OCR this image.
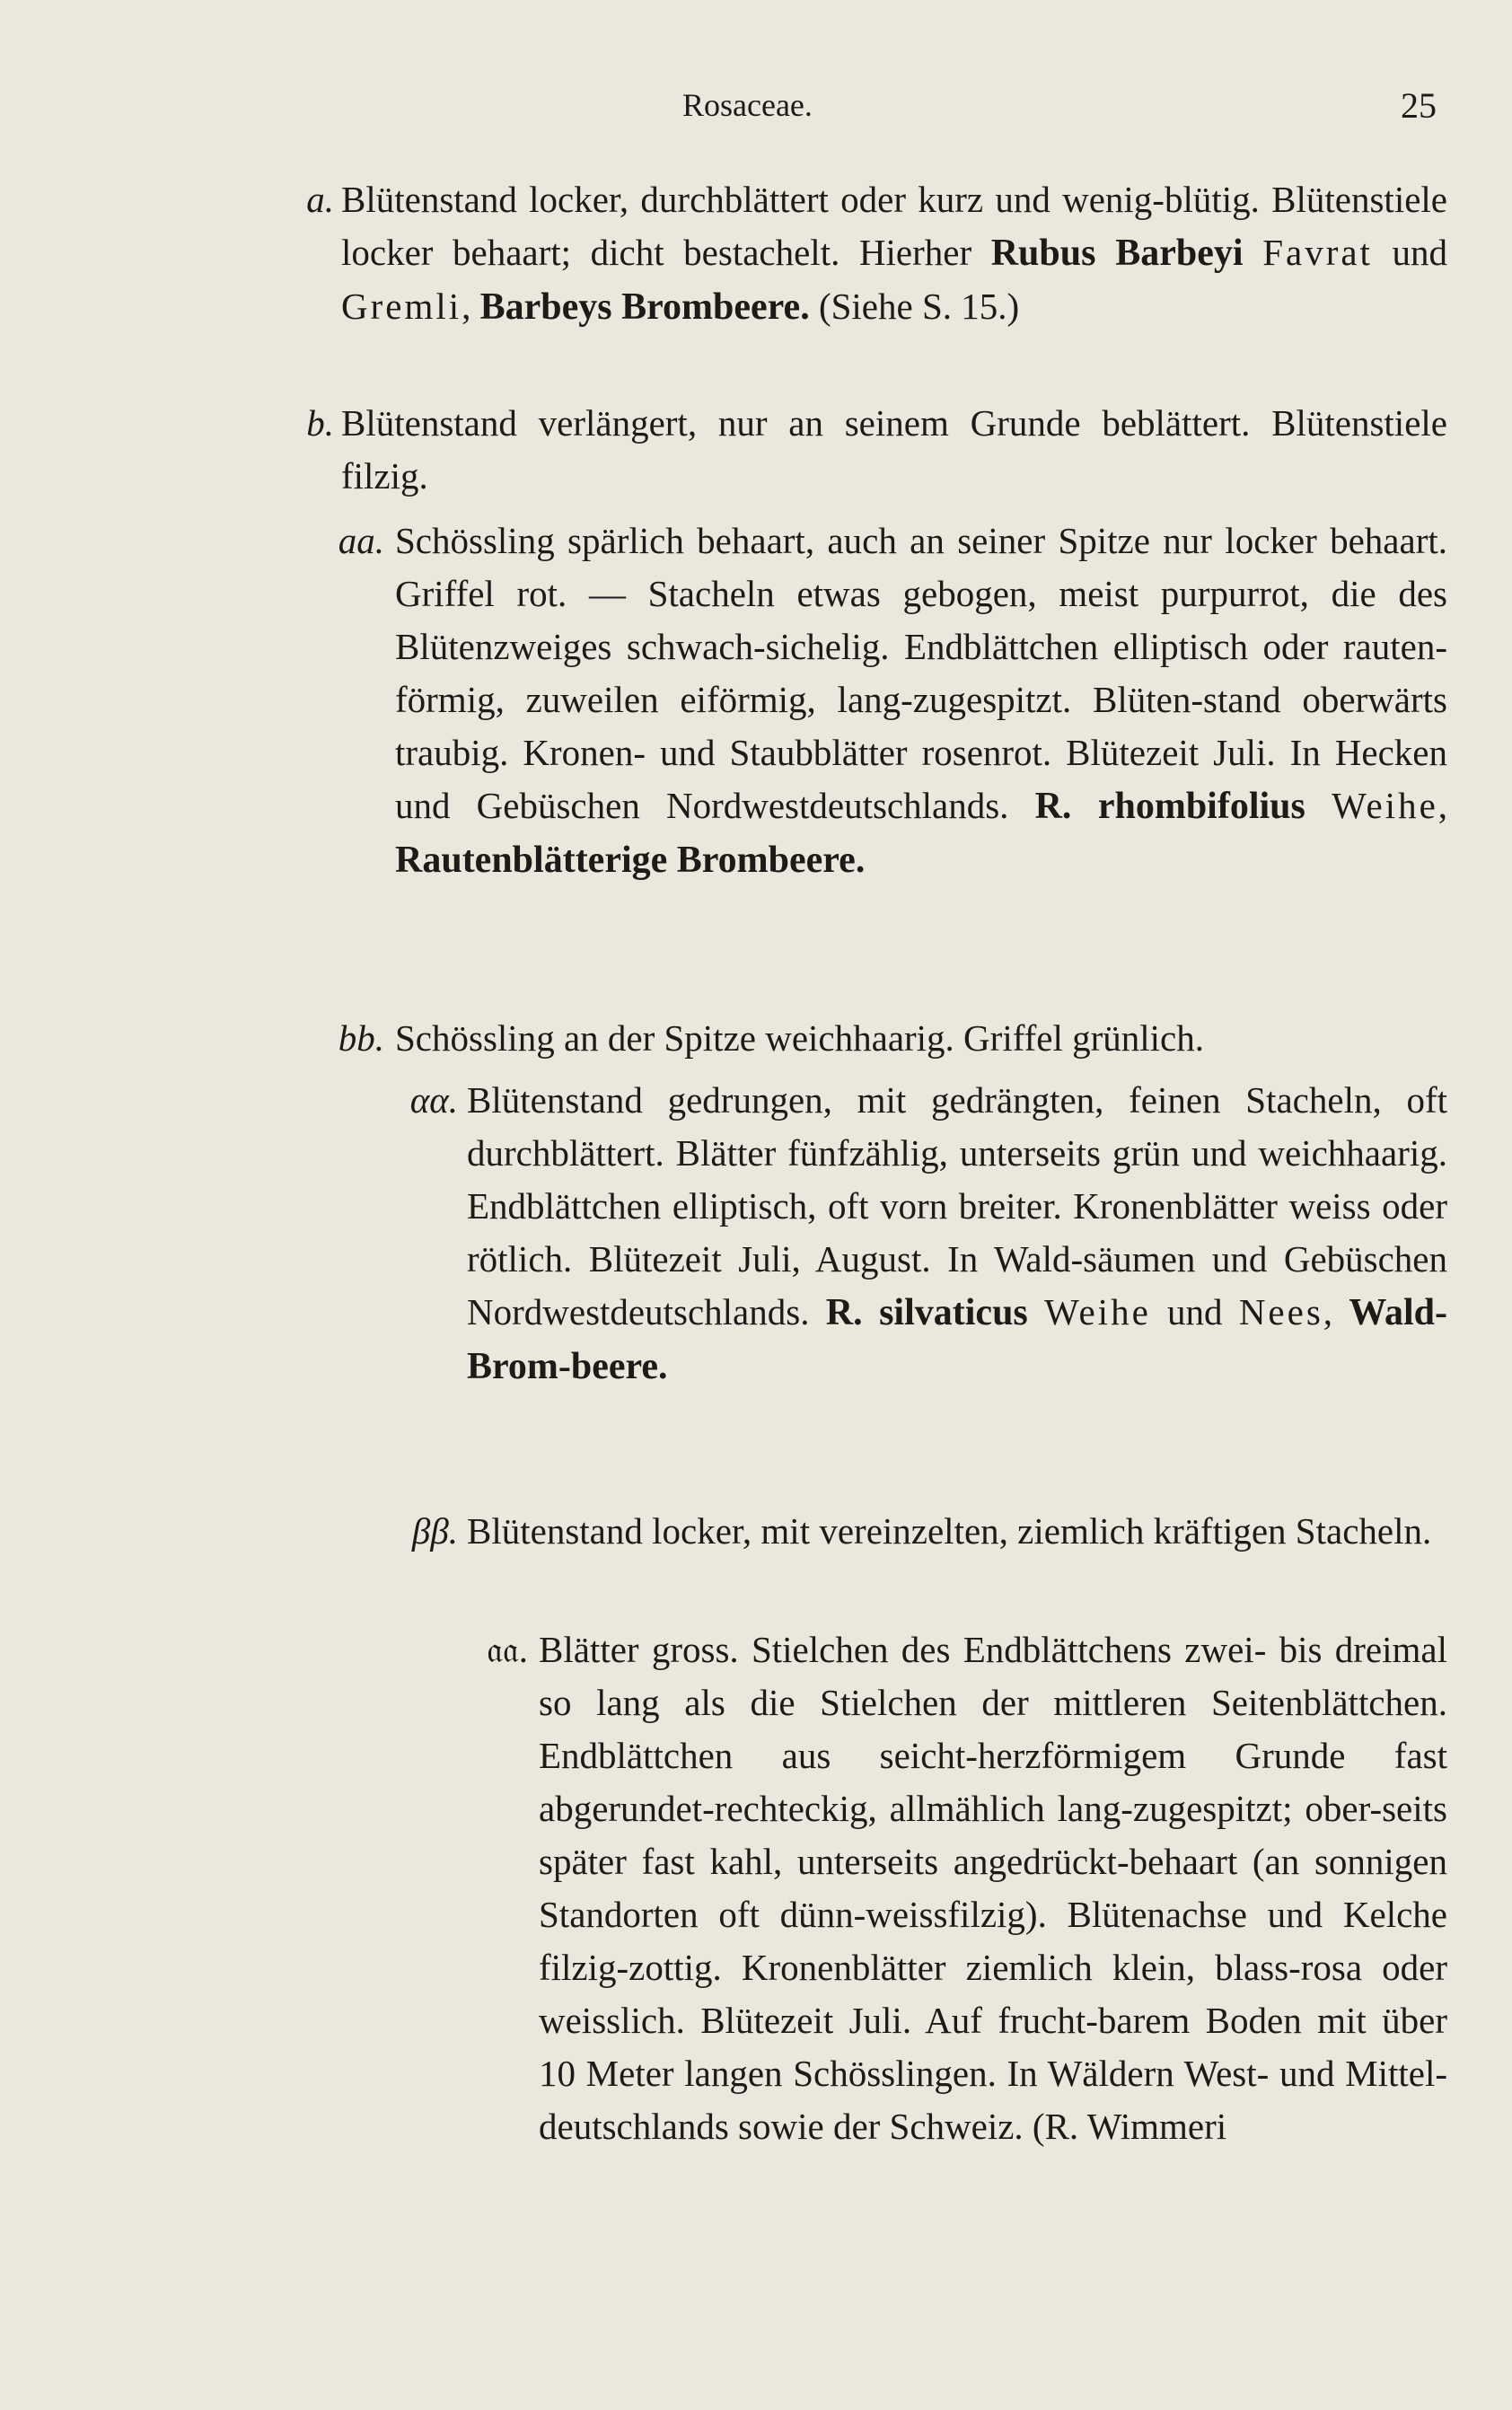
Rosaceae.	25
a. Blütenstand locker, durchblättert oder kurz und wenig-blütig. Blütenstiele locker behaart; dicht bestachelt. Hierher Rubus Barbeyi Favrat und Gremli, Barbeys Brombeere. (Siehe S. 15.)
b. Blütenstand verlängert, nur an seinem Grunde beblättert. Blütenstiele filzig.
aa. Schössling spärlich behaart, auch an seiner Spitze nur locker behaart. Griffel rot. — Stacheln etwas gebogen, meist purpurrot, die des Blütenzweiges schwach-sichelig. Endblättchen elliptisch oder rauten-förmig, zuweilen eiförmig, lang-zugespitzt. Blüten-stand oberwärts traubig. Kronen- und Staubblätter rosenrot. Blütezeit Juli. In Hecken und Gebüschen Nordwestdeutschlands. R. rhombifolius Weihe, Rautenblätterige Brombeere.
bb. Schössling an der Spitze weichhaarig. Griffel grünlich.
αα. Blütenstand gedrungen, mit gedrängten, feinen Stacheln, oft durchblättert. Blätter fünfzählig, unterseits grün und weichhaarig. Endblättchen elliptisch, oft vorn breiter. Kronenblätter weiss oder rötlich. Blütezeit Juli, August. In Wald-säumen und Gebüschen Nordwestdeutschlands. R. silvaticus Weihe und Nees, Wald-Brom-beere.
ββ. Blütenstand locker, mit vereinzelten, ziemlich kräftigen Stacheln.
𝔞𝔞. Blätter gross. Stielchen des Endblättchens zwei- bis dreimal so lang als die Stielchen der mittleren Seitenblättchen. Endblättchen aus seicht-herzförmigem Grunde fast abgerundet-rechteckig, allmählich lang-zugespitzt; ober-seits später fast kahl, unterseits angedrückt-behaart (an sonnigen Standorten oft dünn-weissfilzig). Blütenachse und Kelche filzig-zottig. Kronenblätter ziemlich klein, blass-rosa oder weisslich. Blütezeit Juli. Auf frucht-barem Boden mit über 10 Meter langen Schösslingen. In Wäldern West- und Mittel-deutschlands sowie der Schweiz. (R. Wimmeri
